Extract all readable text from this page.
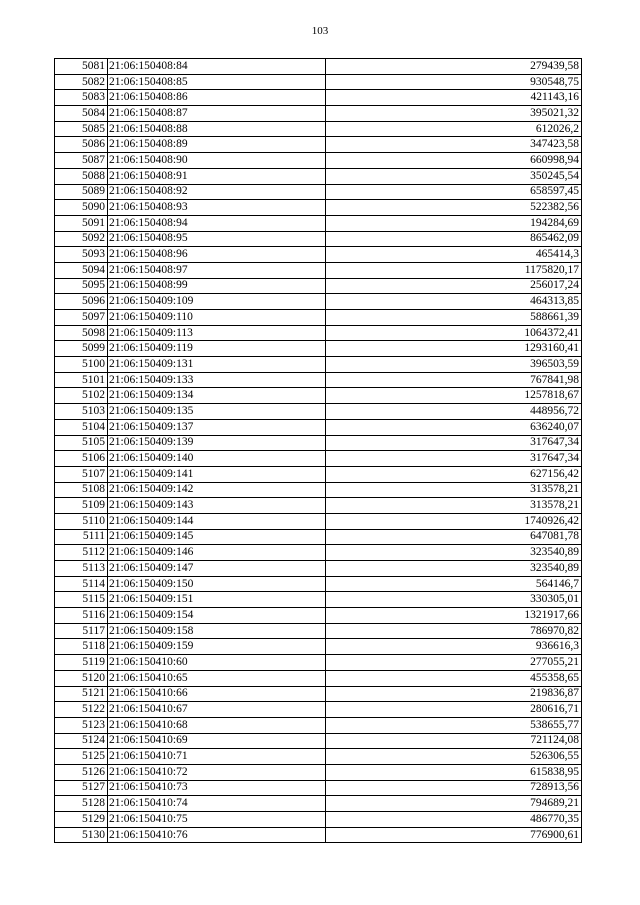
103
5081	21:06:150408:84	279439,58
5082	21:06:150408:85	930548,75
5083	21:06:150408:86	421143,16
5084	21:06:150408:87	395021,32
5085	21:06:150408:88	612026,2
5086	21:06:150408:89	347423,58
5087	21:06:150408:90	660998,94
5088	21:06:150408:91	350245,54
5089	21:06:150408:92	658597,45
5090	21:06:150408:93	522382,56
5091	21:06:150408:94	194284,69
5092	21:06:150408:95	865462,09
5093	21:06:150408:96	465414,3
5094	21:06:150408:97	1175820,17
5095	21:06:150408:99	256017,24
5096	21:06:150409:109	464313,85
5097	21:06:150409:110	588661,39
5098	21:06:150409:113	1064372,41
5099	21:06:150409:119	1293160,41
5100	21:06:150409:131	396503,59
5101	21:06:150409:133	767841,98
5102	21:06:150409:134	1257818,67
5103	21:06:150409:135	448956,72
5104	21:06:150409:137	636240,07
5105	21:06:150409:139	317647,34
5106	21:06:150409:140	317647,34
5107	21:06:150409:141	627156,42
5108	21:06:150409:142	313578,21
5109	21:06:150409:143	313578,21
5110	21:06:150409:144	1740926,42
5111	21:06:150409:145	647081,78
5112	21:06:150409:146	323540,89
5113	21:06:150409:147	323540,89
5114	21:06:150409:150	564146,7
5115	21:06:150409:151	330305,01
5116	21:06:150409:154	1321917,66
5117	21:06:150409:158	786970,82
5118	21:06:150409:159	936616,3
5119	21:06:150410:60	277055,21
5120	21:06:150410:65	455358,65
5121	21:06:150410:66	219836,87
5122	21:06:150410:67	280616,71
5123	21:06:150410:68	538655,77
5124	21:06:150410:69	721124,08
5125	21:06:150410:71	526306,55
5126	21:06:150410:72	615838,95
5127	21:06:150410:73	728913,56
5128	21:06:150410:74	794689,21
5129	21:06:150410:75	486770,35
5130	21:06:150410:76	776900,61
